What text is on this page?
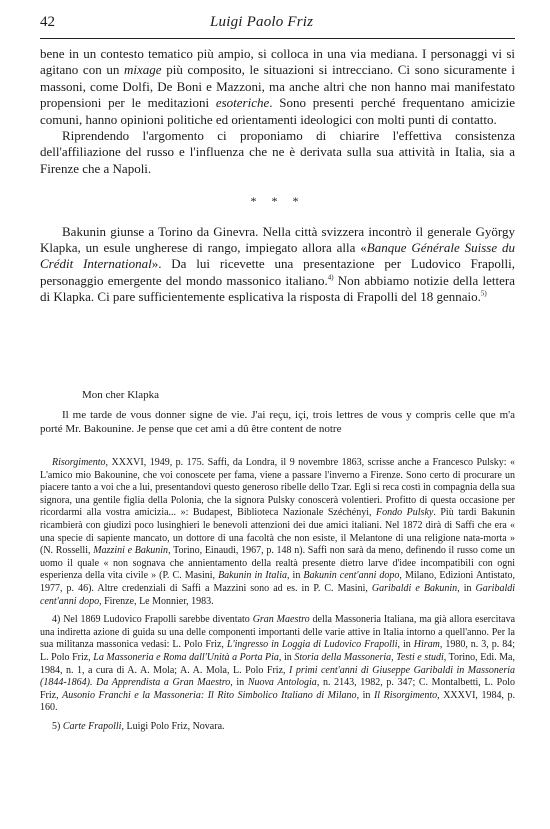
42	Luigi Paolo Friz

bene in un contesto tematico più ampio, si colloca in una via mediana. I personaggi vi si agitano con un mixage più composito, le situazioni si intrecciano. Ci sono sicuramente i massoni, come Dolfi, De Boni e Mazzoni, ma anche altri che non hanno mai manifestato propensioni per le meditazioni esoteriche. Sono presenti perché frequentano amicizie comuni, hanno opinioni politiche ed orientamenti ideologici con molti punti di contatto.

Riprendendo l'argomento ci proponiamo di chiarire l'effettiva consistenza dell'affiliazione del russo e l'influenza che ne è derivata sulla sua attività in Italia, sia a Firenze che a Napoli.

* * *

Bakunin giunse a Torino da Ginevra. Nella città svizzera incontrò il generale György Klapka, un esule ungherese di rango, impiegato allora alla «Banque Générale Suisse du Crédit International». Da lui ricevette una presentazione per Ludovico Frapolli, personaggio emergente del mondo massonico italiano.$^{4)}$ Non abbiamo notizie della lettera di Klapka. Ci pare sufficientemente esplicativa la risposta di Frapolli del 18 gennaio.$^{5)}$

Mon cher Klapka

Il me tarde de vous donner signe de vie. J'ai reçu, içi, trois lettres de vous y compris celle que m'a porté Mr. Bakounine. Je pense que cet ami a dû être content de notre

Risorgimento, XXXVI, 1949, p. 175. Saffi, da Londra, il 9 novembre 1863, scrisse anche a Francesco Pulsky: « L'amico mio Bakounine, che voi conoscete per fama, viene a passare l'inverno a Firenze. Sono certo di procurare un piacere tanto a voi che a lui, presentandovi questo generoso ribelle dello Tzar. Egli si reca costì in compagnia della sua signora, una gentile figlia della Polonia, che la signora Pulsky conoscerà volentieri. Profitto di questa occasione per ricordarmi alla vostra amicizia... »: Budapest, Biblioteca Nazionale Széchényi, Fondo Pulsky. Più tardi Bakunin ricambierà con giudizi poco lusinghieri le benevoli attenzioni dei due amici italiani. Nel 1872 dirà di Saffi che era « una specie di sapiente mancato, un dottore di una facoltà che non esiste, il Melantone di una religione nata-morta » (N. Rosselli, Mazzini e Bakunin, Torino, Einaudi, 1967, p. 148 n). Saffi non sarà da meno, definendo il russo come un uomo il quale « non sognava che annientamento della realtà presente dietro larve d'idee incompatibili con ogni esperienza della vita civile » (P. C. Masini, Bakunin in Italia, in Bakunin cent'anni dopo, Milano, Edizioni Antistato, 1977, p. 46). Altre credenziali di Saffi a Mazzini sono ad es. in P. C. Masini, Garibaldi e Bakunin, in Garibaldi cent'anni dopo, Firenze, Le Monnier, 1983.

4) Nel 1869 Ludovico Frapolli sarebbe diventato Gran Maestro della Massoneria Italiana, ma già allora esercitava una indiretta azione di guida su una delle componenti importanti delle varie attive in Italia intorno a quell'anno. Per la sua militanza massonica vedasi: L. Polo Friz, L'ingresso in Loggia di Ludovico Frapolli, in Hiram, 1980, n. 3, p. 84; L. Polo Friz, La Massoneria e Roma dall'Unità a Porta Pia, in Storia della Massoneria, Testi e studi, Torino, Edi. Ma, 1984, n. 1, a cura di A. A. Mola; A. A. Mola, L. Polo Friz, I primi cent'anni di Giuseppe Garibaldi in Massoneria (1844-1864). Da Apprendista a Gran Maestro, in Nuova Antologia, n. 2143, 1982, p. 347; C. Montalbetti, L. Polo Friz, Ausonio Franchi e la Massoneria: Il Rito Simbolico Italiano di Milano, in Il Risorgimento, XXXVI, 1984, p. 160.

5) Carte Frapolli, Luigi Polo Friz, Novara.
